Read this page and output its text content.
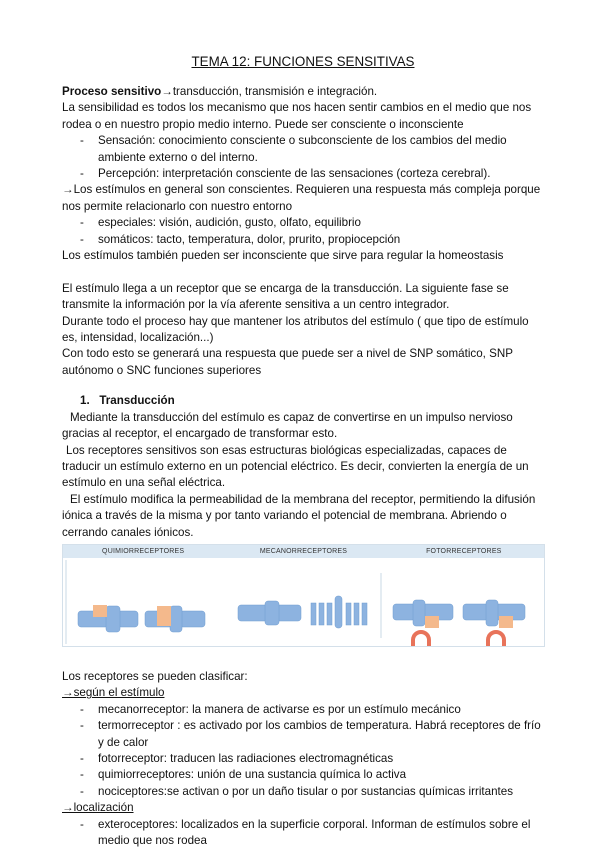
TEMA 12: FUNCIONES SENSITIVAS

Proceso sensitivo→transducción, transmisión e integración.

La sensibilidad es todos los mecanismo que nos hacen sentir cambios en el medio que nos rodea o en nuestro propio medio interno. Puede ser consciente o inconsciente

- Sensación: conocimiento consciente o subconsciente de los cambios del medio ambiente externo o del interno.
- Percepción: interpretación consciente de las sensaciones (corteza cerebral).

→Los estímulos en general son conscientes. Requieren una respuesta más compleja porque nos permite relacionarlo con nuestro entorno

- especiales: visión, audición, gusto, olfato, equilibrio
- somáticos: tacto, temperatura, dolor, prurito, propiocepción

Los estímulos también pueden ser inconsciente que sirve para regular la homeostasis

El estímulo llega a un receptor que se encarga de la transducción. La siguiente fase se transmite la información por la vía aferente sensitiva a un centro integrador.

Durante todo el proceso hay que mantener los atributos del estímulo ( que tipo de estímulo es, intensidad, localización...)

Con todo esto se generará una respuesta que puede ser a nivel de SNP somático, SNP autónomo o SNC funciones superiores

1.   Transducción

Mediante la transducción del estímulo es capaz de convertirse en un impulso nervioso gracias al receptor, el encargado de transformar esto.

Los receptores sensitivos son esas estructuras biológicas especializadas, capaces de traducir un estímulo externo en un potencial eléctrico. Es decir, convierten la energía de un estímulo en una señal eléctrica.

El estímulo modifica la permeabilidad de la membrana del receptor, permitiendo la difusión iónica a través de la misma y por tanto variando el potencial de membrana. Abriendo o cerrando canales iónicos.

QUIMIORRECEPTORES	MECANORRECEPTORES	FOTORRECEPTORES

Los receptores se pueden clasificar:

→según el estímulo

- mecanorreceptor: la manera de activarse es por un estímulo mecánico
- termorreceptor : es activado por los cambios de temperatura. Habrá receptores de frío y de calor
- fotorreceptor: traducen las radiaciones electromagnéticas
- quimiorreceptores: unión de una sustancia química lo activa
- nociceptores:se activan o por un daño tisular o por sustancias químicas irritantes

→localización

- exteroceptores: localizados en la superficie corporal. Informan de estímulos sobre el medio que nos rodea
